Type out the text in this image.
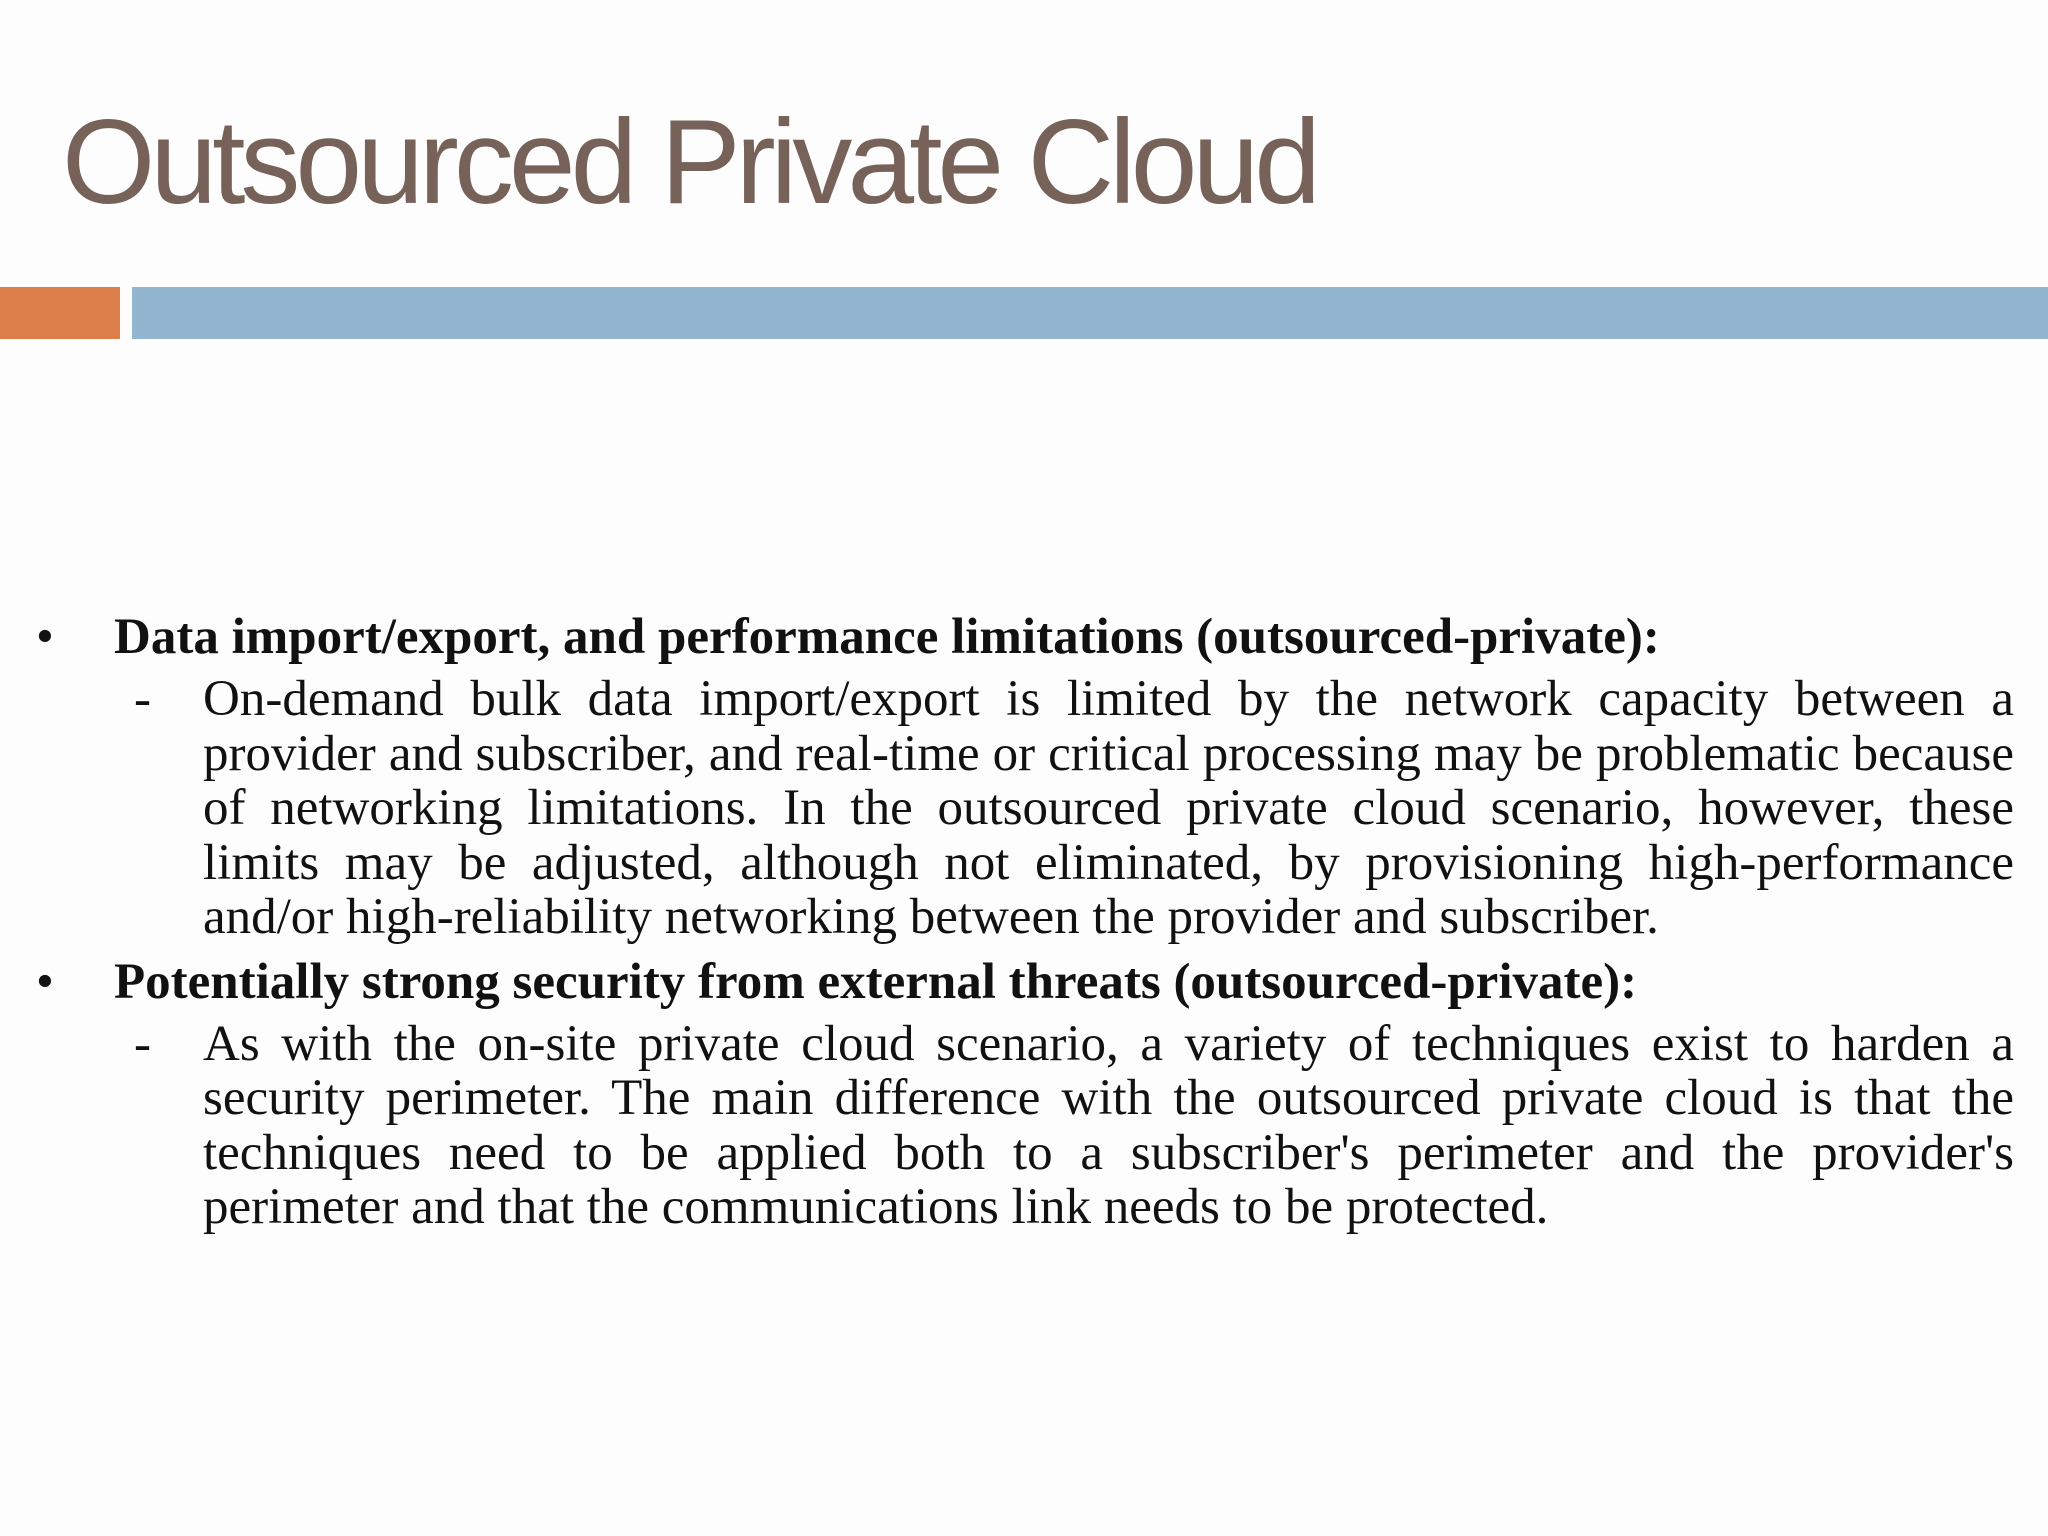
Outsourced Private Cloud
• Data import/export, and performance limitations (outsourced-private):
- On-demand bulk data import/export is limited by the network capacity between a provider and subscriber, and real-time or critical processing may be problematic because of networking limitations. In the outsourced private cloud scenario, however, these limits may be adjusted, although not eliminated, by provisioning high-performance and/or high-reliability networking between the provider and subscriber.
• Potentially strong security from external threats (outsourced-private):
- As with the on-site private cloud scenario, a variety of techniques exist to harden a security perimeter. The main difference with the outsourced private cloud is that the techniques need to be applied both to a subscriber's perimeter and the provider's perimeter and that the communications link needs to be protected.
